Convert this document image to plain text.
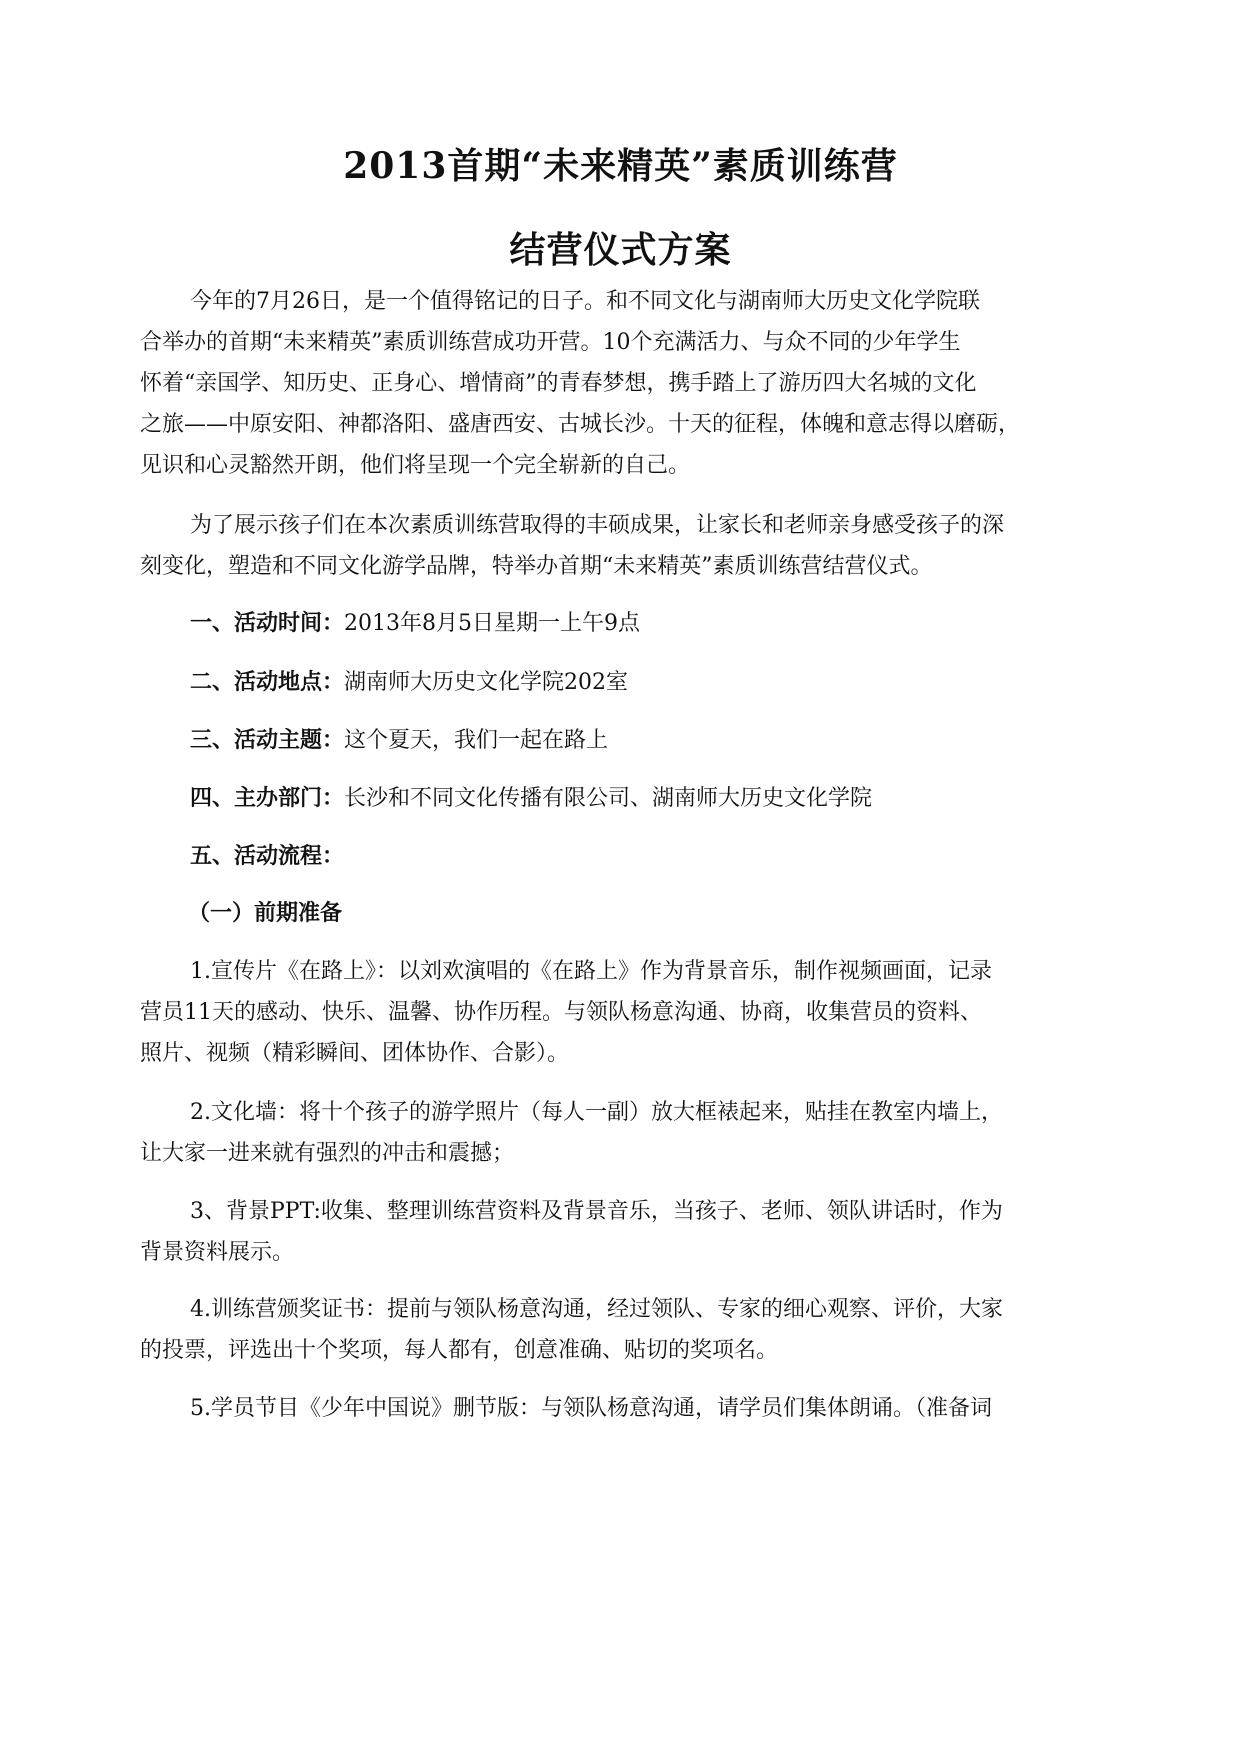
2013首期“未来精英”素质训练营
结营仪式方案
今年的7月26日，是一个值得铭记的日子。和不同文化与湖南师大历史文化学院联
合举办的首期“未来精英”素质训练营成功开营。10个充满活力、与众不同的少年学生
怀着“亲国学、知历史、正身心、增情商”的青春梦想，携手踏上了游历四大名城的文化
之旅——中原安阳、神都洛阳、盛唐西安、古城长沙。十天的征程，体魄和意志得以磨砺，
见识和心灵豁然开朗，他们将呈现一个完全崭新的自己。
为了展示孩子们在本次素质训练营取得的丰硕成果，让家长和老师亲身感受孩子的深
刻变化，塑造和不同文化游学品牌，特举办首期“未来精英”素质训练营结营仪式。
一、活动时间：2013年8月5日星期一上午9点
二、活动地点：湖南师大历史文化学院202室
三、活动主题：这个夏天，我们一起在路上
四、主办部门：长沙和不同文化传播有限公司、湖南师大历史文化学院
五、活动流程：
（一）前期准备
1.宣传片《在路上》：以刘欢演唱的《在路上》作为背景音乐，制作视频画面，记录
营员11天的感动、快乐、温馨、协作历程。与领队杨意沟通、协商，收集营员的资料、
照片、视频（精彩瞬间、团体协作、合影）。
2.文化墙：将十个孩子的游学照片（每人一副）放大框裱起来，贴挂在教室内墙上，
让大家一进来就有强烈的冲击和震撼；
3、背景PPT:收集、整理训练营资料及背景音乐，当孩子、老师、领队讲话时，作为
背景资料展示。
4.训练营颁奖证书：提前与领队杨意沟通，经过领队、专家的细心观察、评价，大家
的投票，评选出十个奖项，每人都有，创意准确、贴切的奖项名。
5.学员节目《少年中国说》删节版：与领队杨意沟通，请学员们集体朗诵。（准备词
